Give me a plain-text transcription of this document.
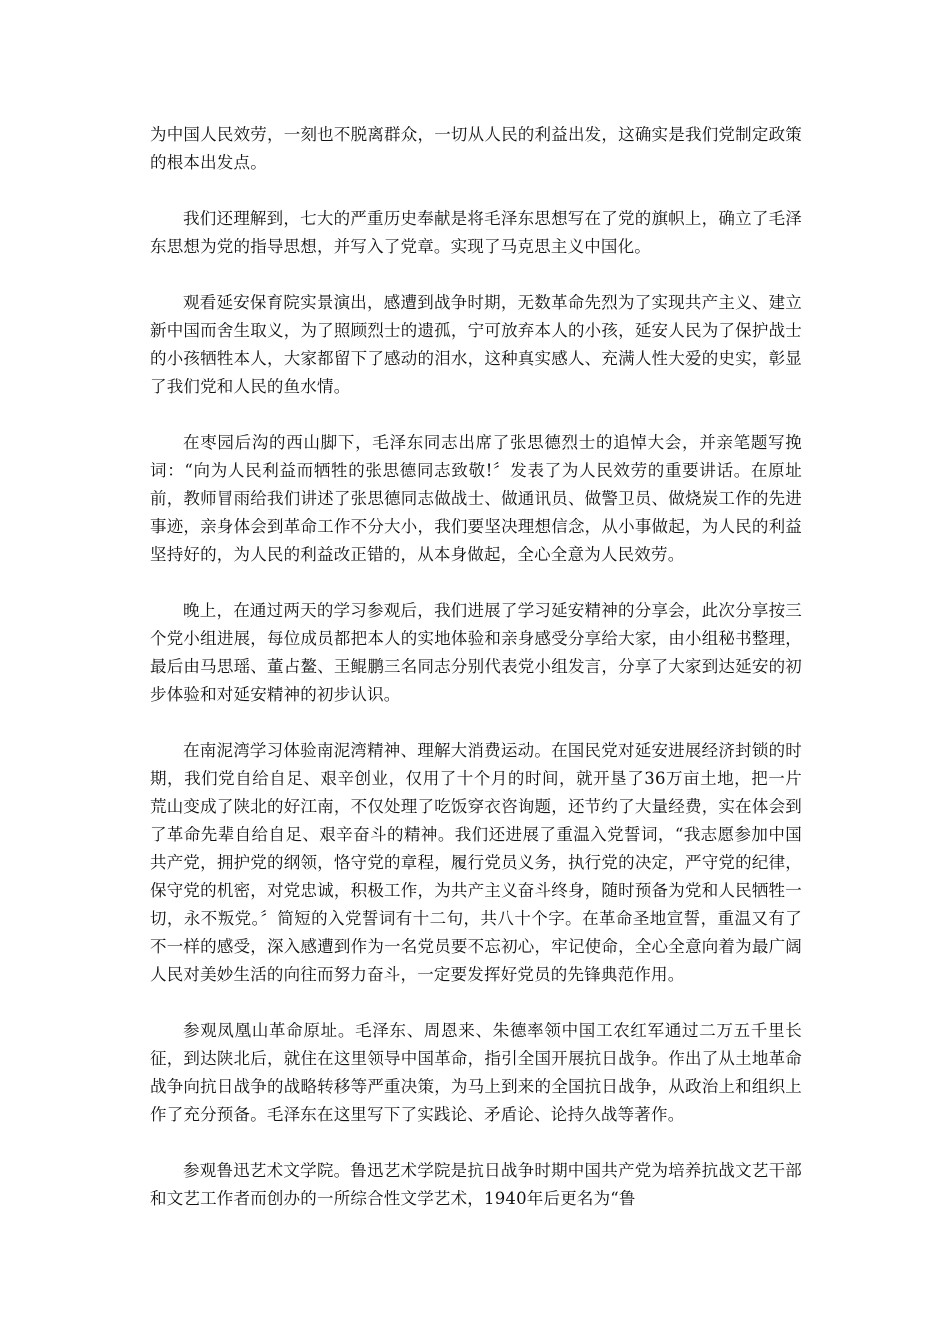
为中国人民效劳，一刻也不脱离群众，一切从人民的利益出发，这确实是我们党制定政策的根本出发点。

我们还理解到，七大的严重历史奉献是将毛泽东思想写在了党的旗帜上，确立了毛泽东思想为党的指导思想，并写入了党章。实现了马克思主义中国化。

观看延安保育院实景演出，感遭到战争时期，无数革命先烈为了实现共产主义、建立新中国而舍生取义，为了照顾烈士的遗孤，宁可放弃本人的小孩，延安人民为了保护战士的小孩牺牲本人，大家都留下了感动的泪水，这种真实感人、充满人性大爱的史实，彰显了我们党和人民的鱼水情。

在枣园后沟的西山脚下，毛泽东同志出席了张思德烈士的追悼大会，并亲笔题写挽词：“向为人民利益而牺牲的张思德同志致敬!〞发表了为人民效劳的重要讲话。在原址前，教师冒雨给我们讲述了张思德同志做战士、做通讯员、做警卫员、做烧炭工作的先进事迹，亲身体会到革命工作不分大小，我们要坚决理想信念，从小事做起，为人民的利益坚持好的，为人民的利益改正错的，从本身做起，全心全意为人民效劳。

晚上，在通过两天的学习参观后，我们进展了学习延安精神的分享会，此次分享按三个党小组进展，每位成员都把本人的实地体验和亲身感受分享给大家，由小组秘书整理，最后由马思瑶、董占鳌、王鲲鹏三名同志分别代表党小组发言，分享了大家到达延安的初步体验和对延安精神的初步认识。

在南泥湾学习体验南泥湾精神、理解大消费运动。在国民党对延安进展经济封锁的时期，我们党自给自足、艰辛创业，仅用了十个月的时间，就开垦了36万亩土地，把一片荒山变成了陕北的好江南，不仅处理了吃饭穿衣咨询题，还节约了大量经费，实在体会到了革命先辈自给自足、艰辛奋斗的精神。我们还进展了重温入党誓词，“我志愿参加中国共产党，拥护党的纲领，恪守党的章程，履行党员义务，执行党的决定，严守党的纪律，保守党的机密，对党忠诚，积极工作，为共产主义奋斗终身，随时预备为党和人民牺牲一切，永不叛党。〞简短的入党誓词有十二句，共八十个字。在革命圣地宣誓，重温又有了不一样的感受，深入感遭到作为一名党员要不忘初心，牢记使命，全心全意向着为最广阔人民对美妙生活的向往而努力奋斗，一定要发挥好党员的先锋典范作用。

参观凤凰山革命原址。毛泽东、周恩来、朱德率领中国工农红军通过二万五千里长征，到达陕北后，就住在这里领导中国革命，指引全国开展抗日战争。作出了从土地革命战争向抗日战争的战略转移等严重决策，为马上到来的全国抗日战争，从政治上和组织上作了充分预备。毛泽东在这里写下了实践论、矛盾论、论持久战等著作。

参观鲁迅艺术文学院。鲁迅艺术学院是抗日战争时期中国共产党为培养抗战文艺干部和文艺工作者而创办的一所综合性文学艺术，1940年后更名为“鲁
